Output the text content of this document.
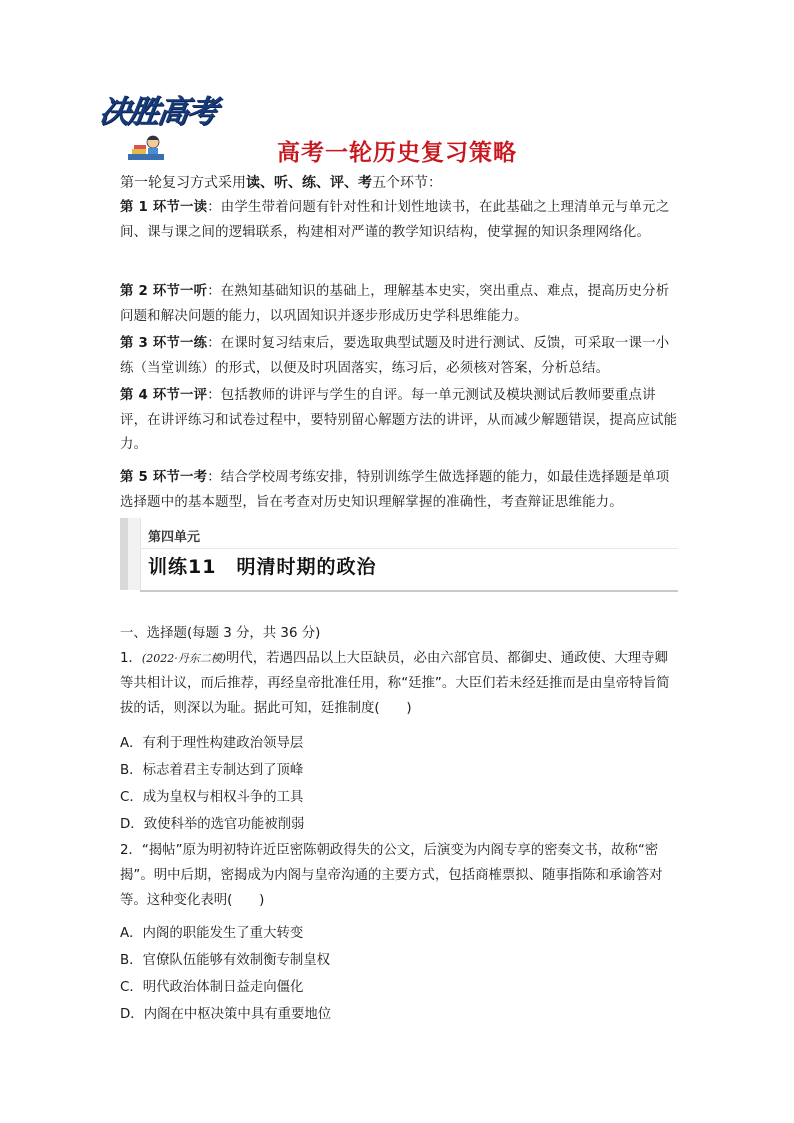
决胜高考
高考一轮历史复习策略
第一轮复习方式采用读、听、练、评、考五个环节：
第 1 环节一读：由学生带着问题有针对性和计划性地读书，在此基础之上理清单元与单元之间、课与课之间的逻辑联系，构建相对严谨的教学知识结构，使掌握的知识条理网络化。
第 2 环节一听：在熟知基础知识的基础上，理解基本史实，突出重点、难点，提高历史分析问题和解决问题的能力，以巩固知识并逐步形成历史学科思维能力。
第 3 环节一练：在课时复习结束后，要选取典型试题及时进行测试、反馈，可采取一课一小练（当堂训练）的形式，以便及时巩固落实，练习后，必须核对答案，分析总结。
第 4 环节一评：包括教师的讲评与学生的自评。每一单元测试及模块测试后教师要重点讲评，在讲评练习和试卷过程中，要特别留心解题方法的讲评，从而减少解题错误，提高应试能力。
第 5 环节一考：结合学校周考练安排，特别训练学生做选择题的能力，如最佳选择题是单项选择题中的基本题型，旨在考查对历史知识理解掌握的准确性，考查辩证思维能力。
第四单元
训练11　明清时期的政治
一、选择题(每题 3 分，共 36 分)
1．(2022·丹东二模)明代，若遇四品以上大臣缺员，必由六部官员、都御史、通政使、大理寺卿等共相计议，而后推荐，再经皇帝批准任用，称“廷推”。大臣们若未经廷推而是由皇帝特旨简拔的话，则深以为耻。据此可知，廷推制度(　　)
A．有利于理性构建政治领导层
B．标志着君主专制达到了顶峰
C．成为皇权与相权斗争的工具
D．致使科举的选官功能被削弱
2．“揭帖”原为明初特许近臣密陈朝政得失的公文，后演变为内阁专享的密奏文书，故称“密揭”。明中后期，密揭成为内阁与皇帝沟通的主要方式，包括商榷票拟、随事指陈和承谕答对等。这种变化表明(　　)
A．内阁的职能发生了重大转变
B．官僚队伍能够有效制衡专制皇权
C．明代政治体制日益走向僵化
D．内阁在中枢决策中具有重要地位
